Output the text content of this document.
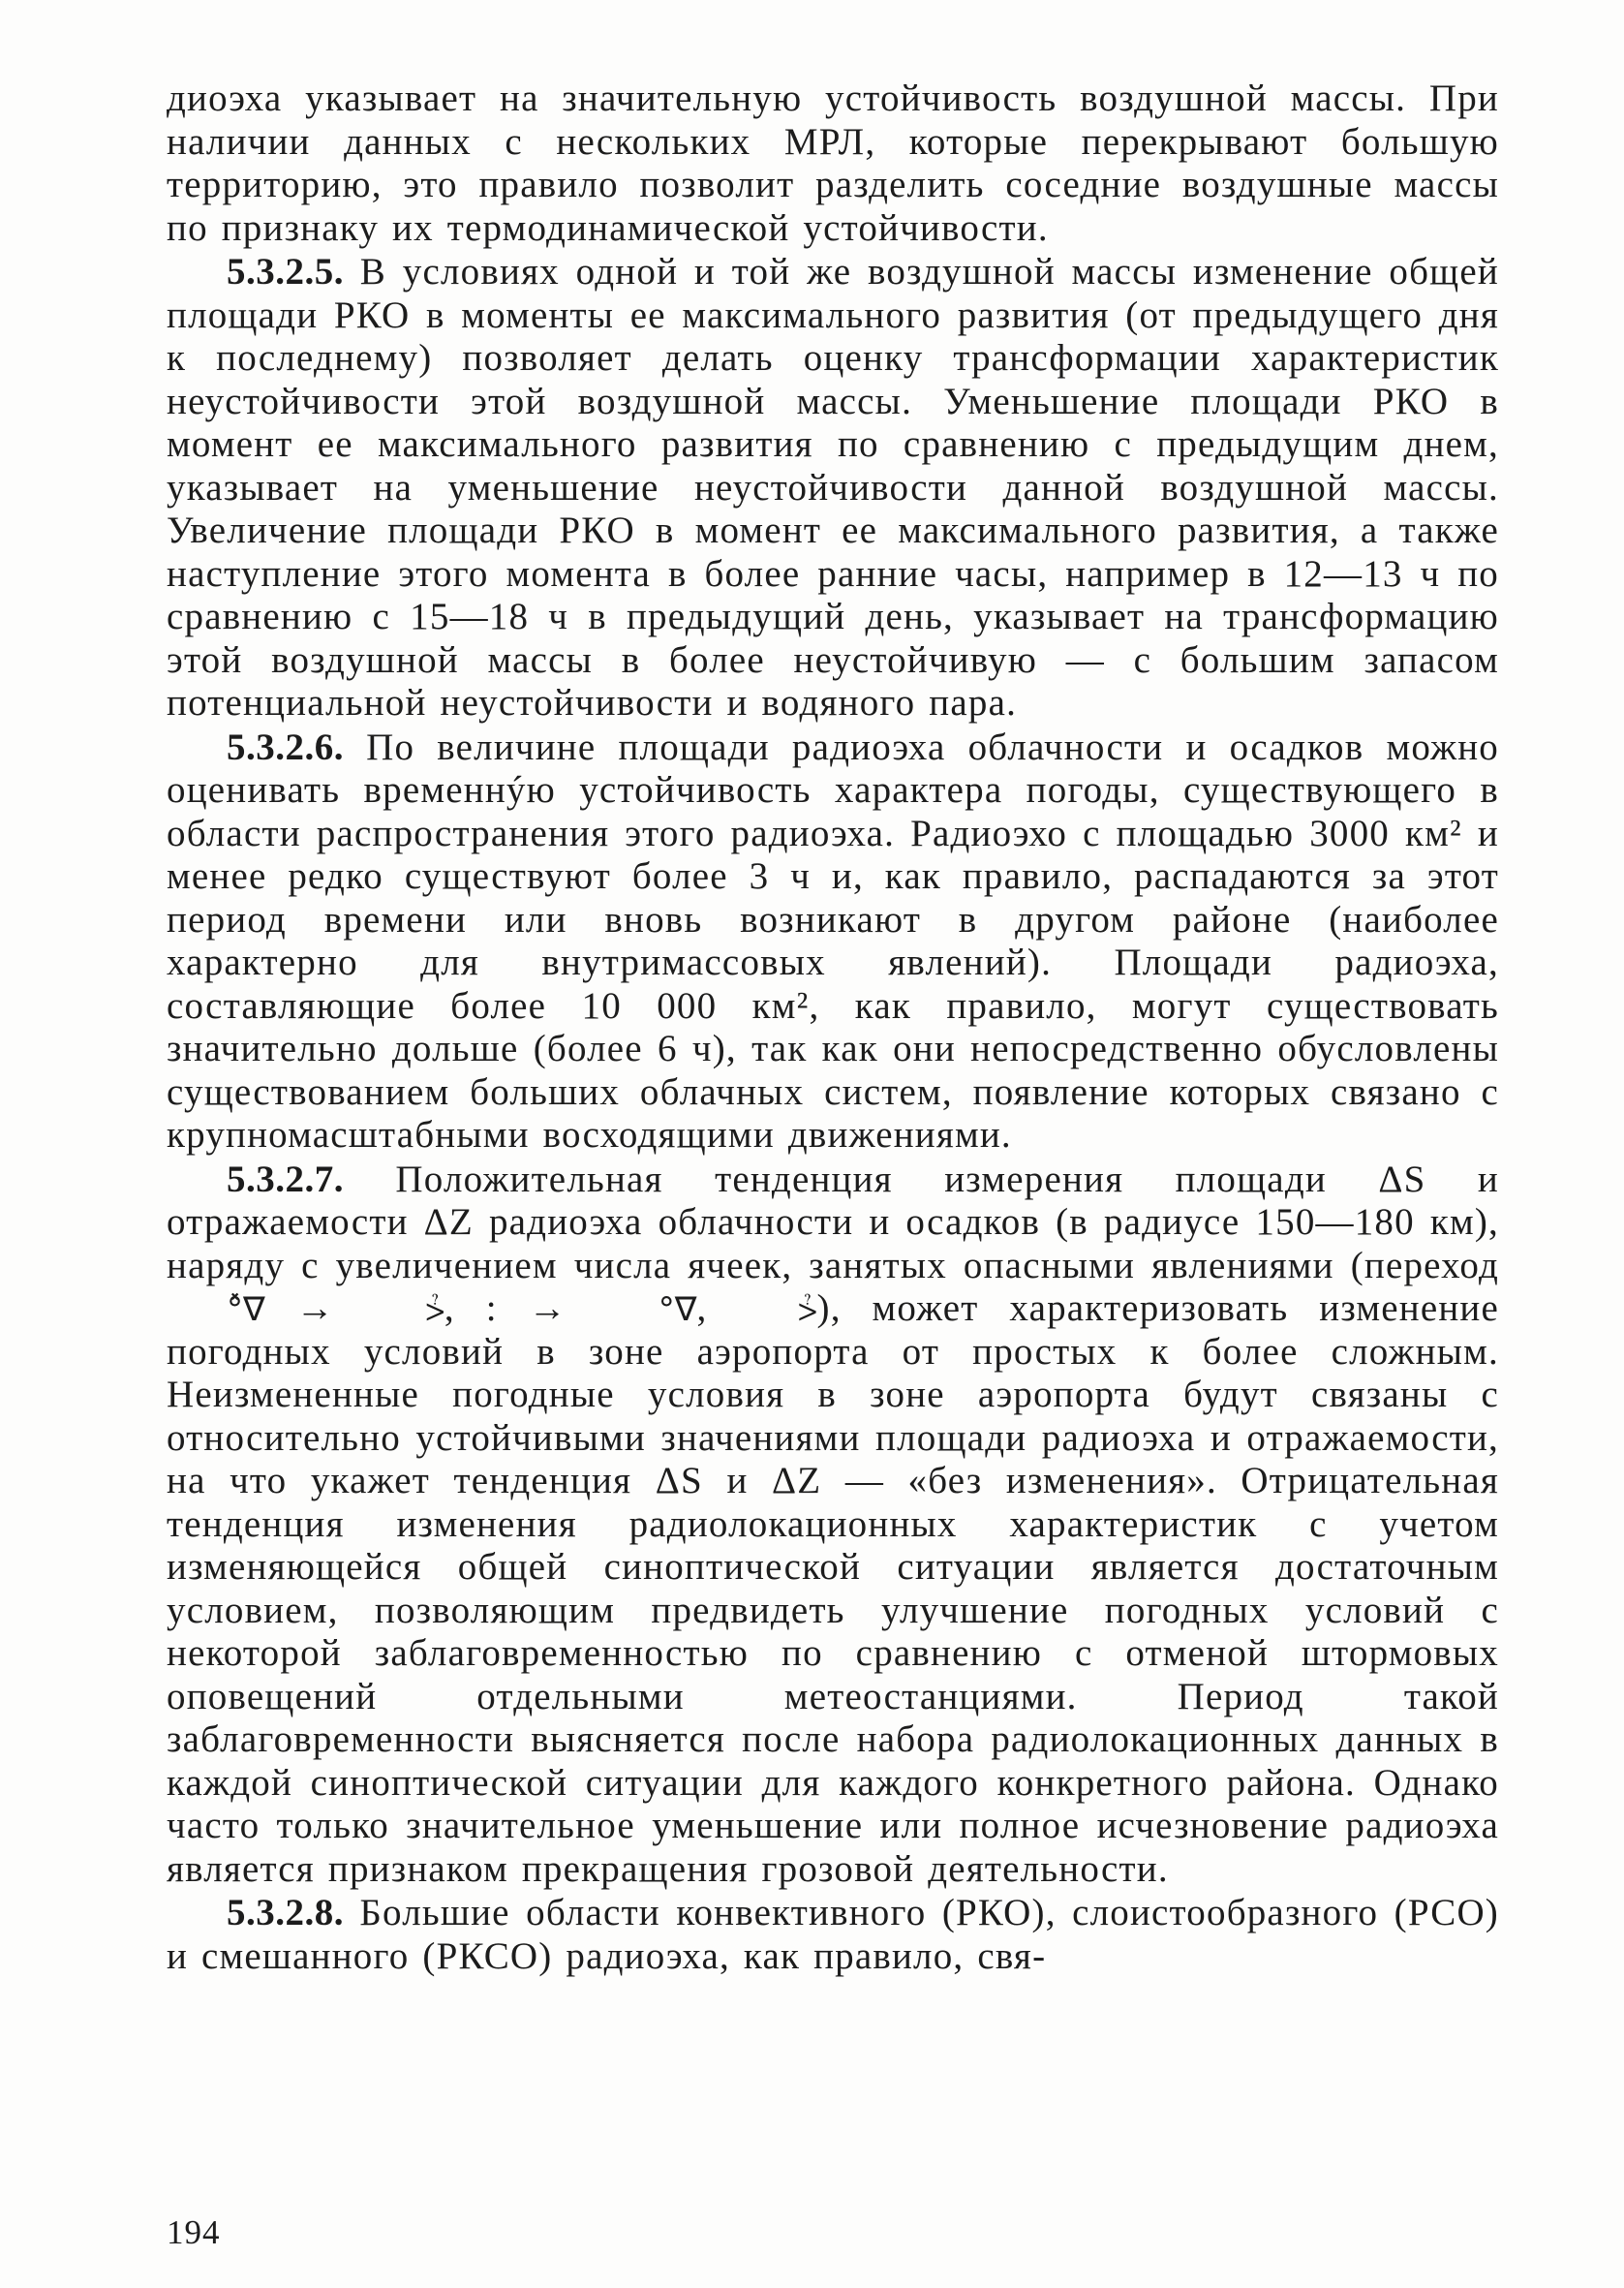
диоэха указывает на значительную устойчивость воздушной массы. При наличии данных с нескольких МРЛ, которые перекрывают большую территорию, это правило позволит разделить соседние воздушные массы по признаку их термодинамической устойчивости.

5.3.2.5. В условиях одной и той же воздушной массы изменение общей площади РКО в моменты ее максимального развития (от предыдущего дня к последнему) позволяет делать оценку трансформации характеристик неустойчивости этой воздушной массы. Уменьшение площади РКО в момент ее максимального развития по сравнению с предыдущим днем, указывает на уменьшение неустойчивости данной воздушной массы. Увеличение площади РКО в момент ее максимального развития, а также наступление этого момента в более ранние часы, например в 12—13 ч по сравнению с 15—18 ч в предыдущий день, указывает на трансформацию этой воздушной массы в более неустойчивую — с большим запасом потенциальной неустойчивости и водяного пара.

5.3.2.6. По величине площади радиоэха облачности и осадков можно оценивать временнýю устойчивость характера погоды, существующего в области распространения этого радиоэха. Радиоэхо с площадью 3000 км² и менее редко существуют более 3 ч и, как правило, распадаются за этот период времени или вновь возникают в другом районе (наиболее характерно для внутримассовых явлений). Площади радиоэха, составляющие более 10 000 км², как правило, могут существовать значительно дольше (более 6 ч), так как они непосредственно обусловлены существованием больших облачных систем, появление которых связано с крупномасштабными восходящими движениями.

5.3.2.7. Положительная тенденция измерения площади ΔS и отражаемости ΔZ радиоэха облачности и осадков (в радиусе 150—180 км), наряду с увеличением числа ячеек, занятых опасными явлениями (переход °̽∇ → ⩼, : → °∇, ⩼), может характеризовать изменение погодных условий в зоне аэропорта от простых к более сложным. Неизмененные погодные условия в зоне аэропорта будут связаны с относительно устойчивыми значениями площади радиоэха и отражаемости, на что укажет тенденция ΔS и ΔZ — «без изменения». Отрицательная тенденция изменения радиолокационных характеристик с учетом изменяющейся общей синоптической ситуации является достаточным условием, позволяющим предвидеть улучшение погодных условий с некоторой заблаговременностью по сравнению с отменой штормовых оповещений отдельными метеостанциями. Период такой заблаговременности выясняется после набора радиолокационных данных в каждой синоптической ситуации для каждого конкретного района. Однако часто только значительное уменьшение или полное исчезновение радиоэха является признаком прекращения грозовой деятельности.

5.3.2.8. Большие области конвективного (РКО), слоистообразного (РСО) и смешанного (РКСО) радиоэха, как правило, свя-

194
